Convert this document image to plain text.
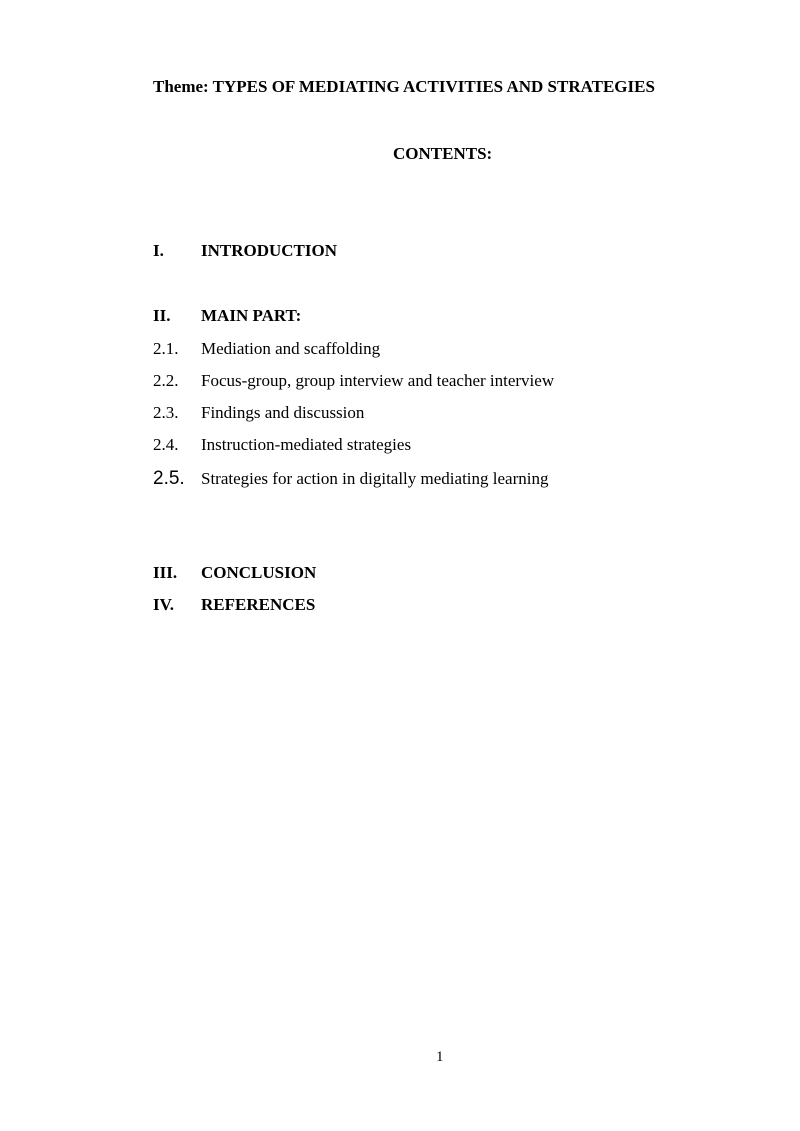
Theme: TYPES OF MEDIATING ACTIVITIES AND STRATEGIES
CONTENTS:
I.	INTRODUCTION
II.	MAIN PART:
2.1.	Mediation and scaffolding
2.2.	Focus-group, group interview and teacher interview
2.3.	Findings and discussion
2.4.	Instruction-mediated strategies
2.5. Strategies for action in digitally mediating learning
III.	CONCLUSION
IV.	REFERENCES
1
